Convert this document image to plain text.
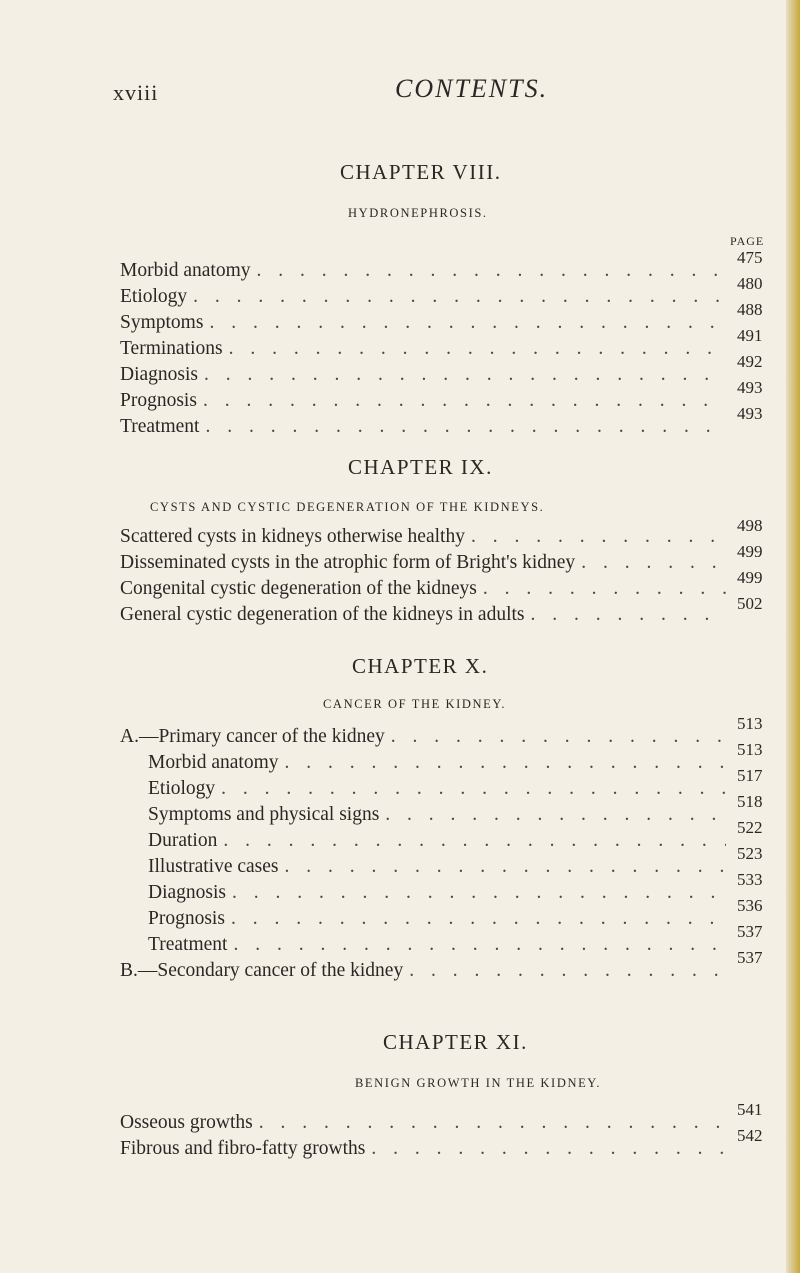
xviii	CONTENTS.
CHAPTER VIII.
HYDRONEPHROSIS.
PAGE
Morbid anatomy
. . .
475
Etiology
. . .
480
Symptoms
. . .
488
Terminations
. . .
491
Diagnosis
. . .
492
Prognosis
. . .
493
Treatment
. . .
493
CHAPTER IX.
CYSTS AND CYSTIC DEGENERATION OF THE KIDNEYS.
Scattered cysts in kidneys otherwise healthy
. . .
498
Disseminated cysts in the atrophic form of Bright's kidney
. . .
499
Congenital cystic degeneration of the kidneys
. . .
499
General cystic degeneration of the kidneys in adults
. . .
502
CHAPTER X.
CANCER OF THE KIDNEY.
A.—Primary cancer of the kidney
. . .
513
Morbid anatomy
. . .
513
Etiology
. . .
517
Symptoms and physical signs
. . .
518
Duration
. . .
522
Illustrative cases
. . .
523
Diagnosis
. . .
533
Prognosis
. . .
536
Treatment
. . .
537
B.—Secondary cancer of the kidney
. . .
537
CHAPTER XI.
BENIGN GROWTH IN THE KIDNEY.
Osseous growths
. . .
541
Fibrous and fibro-fatty growths
. . .
542
